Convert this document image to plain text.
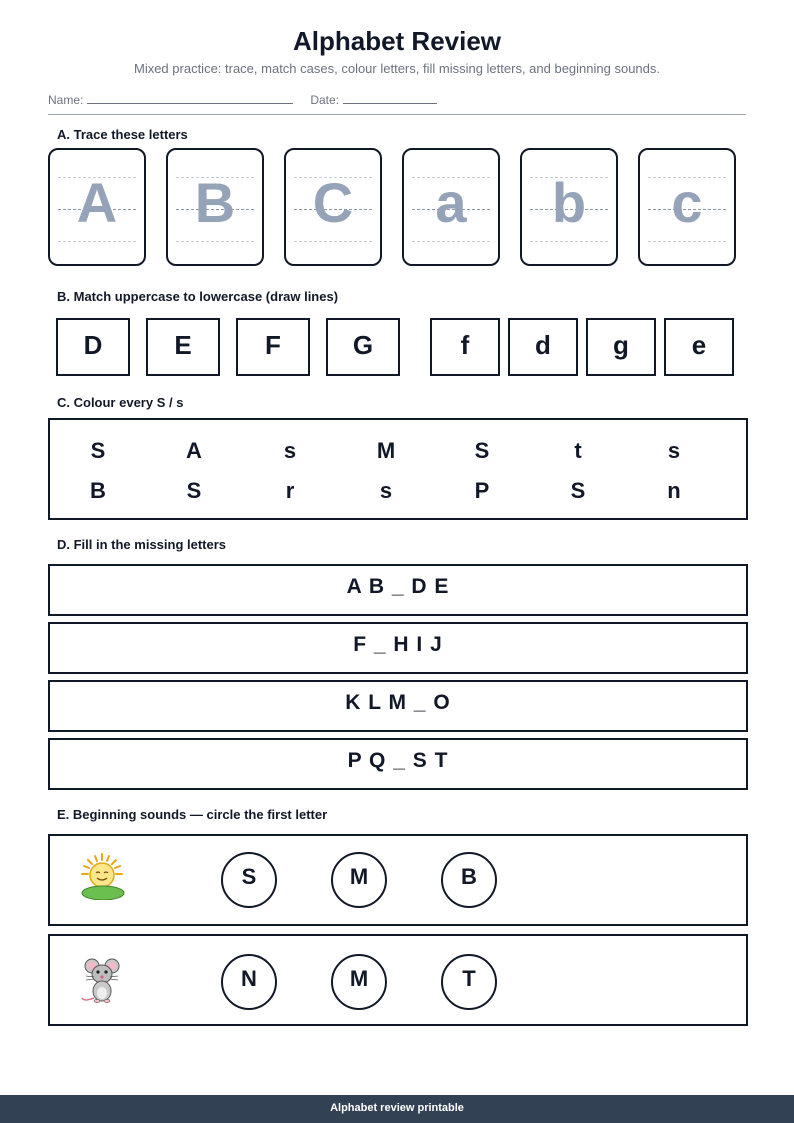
Alphabet Review
Mixed practice: trace, match cases, colour letters, fill missing letters, and beginning sounds.
Name:	Date:
A. Trace these letters
A	B	C	a	b	c
B. Match uppercase to lowercase (draw lines)
D	E	F	G	f	d	g	e
C. Colour every S / s
S	A	s	M	S	t	s
B	S	r	s	P	S	n
D. Fill in the missing letters
A B _ D E
F _ H I J
K L M _ O
P Q _ S T
E. Beginning sounds — circle the first letter
S	M	B
N	M	T
Alphabet review printable
